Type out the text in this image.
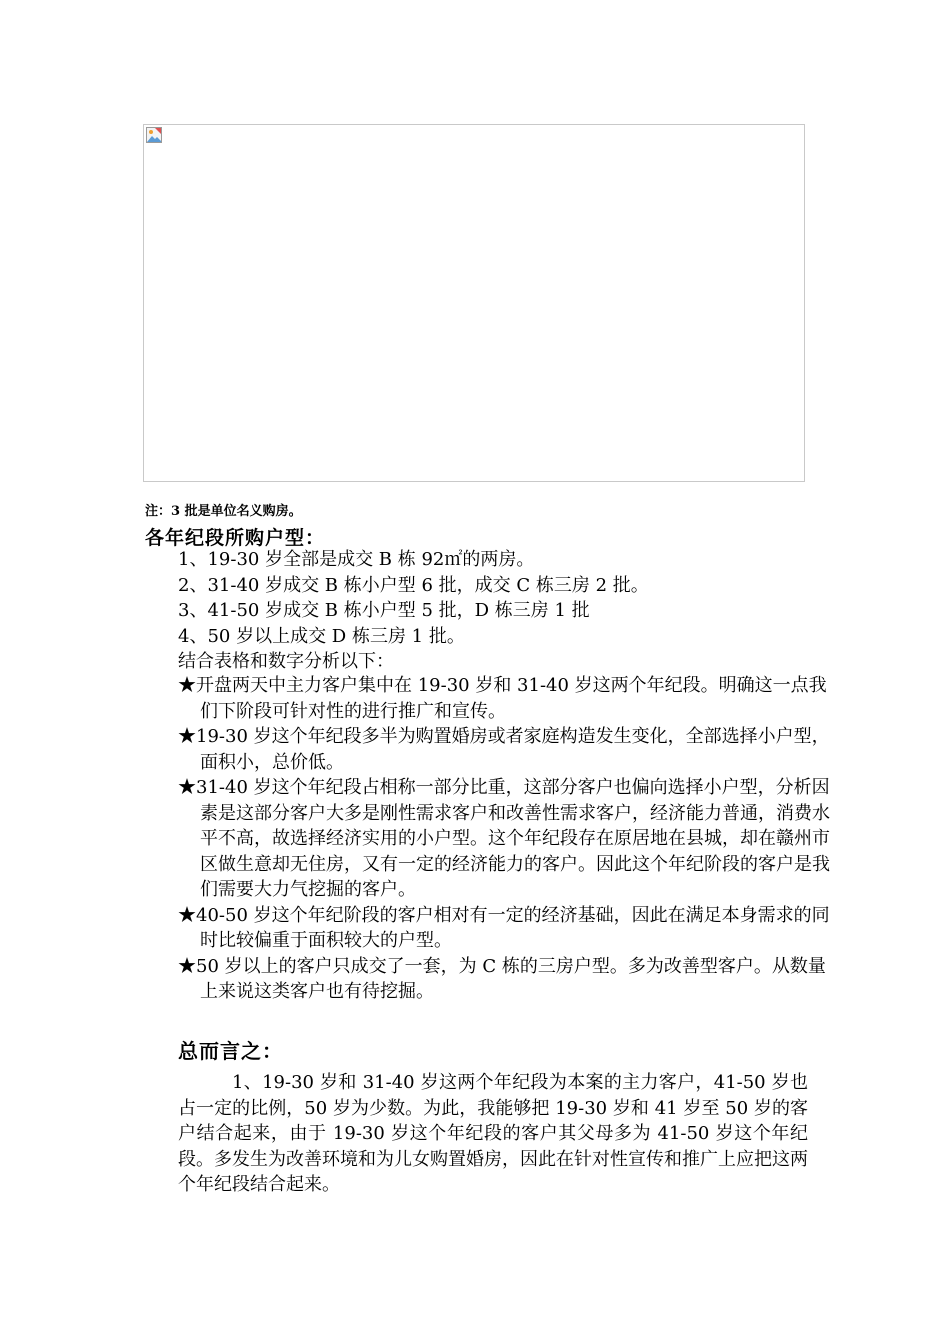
注：3 批是单位名义购房。
各年纪段所购户型：
1、19-30 岁全部是成交 B 栋 92㎡的两房。
2、31-40 岁成交 B 栋小户型 6 批，成交 C 栋三房 2 批。
3、41-50 岁成交 B 栋小户型 5 批，D 栋三房 1 批
4、50 岁以上成交 D 栋三房 1 批。
结合表格和数字分析以下：

★开盘两天中主力客户集中在 19-30 岁和 31-40 岁这两个年纪段。明确这一点我们下阶段可针对性的进行推广和宣传。

★19-30 岁这个年纪段多半为购置婚房或者家庭构造发生变化，全部选择小户型，面积小，总价低。

★31-40 岁这个年纪段占相称一部分比重，这部分客户也偏向选择小户型，分析因素是这部分客户大多是刚性需求客户和改善性需求客户，经济能力普通，消费水平不高，故选择经济实用的小户型。这个年纪段存在原居地在县城，却在赣州市区做生意却无住房，又有一定的经济能力的客户。因此这个年纪阶段的客户是我们需要大力气挖掘的客户。

★40-50 岁这个年纪阶段的客户相对有一定的经济基础，因此在满足本身需求的同时比较偏重于面积较大的户型。

★50 岁以上的客户只成交了一套，为 C 栋的三房户型。多为改善型客户。从数量上来说这类客户也有待挖掘。

总而言之：
1、19-30 岁和 31-40 岁这两个年纪段为本案的主力客户，41-50 岁也占一定的比例，50 岁为少数。为此，我能够把 19-30 岁和 41 岁至 50 岁的客户结合起来，由于 19-30 岁这个年纪段的客户其父母多为 41-50 岁这个年纪段。多发生为改善环境和为儿女购置婚房，因此在针对性宣传和推广上应把这两个年纪段结合起来。
